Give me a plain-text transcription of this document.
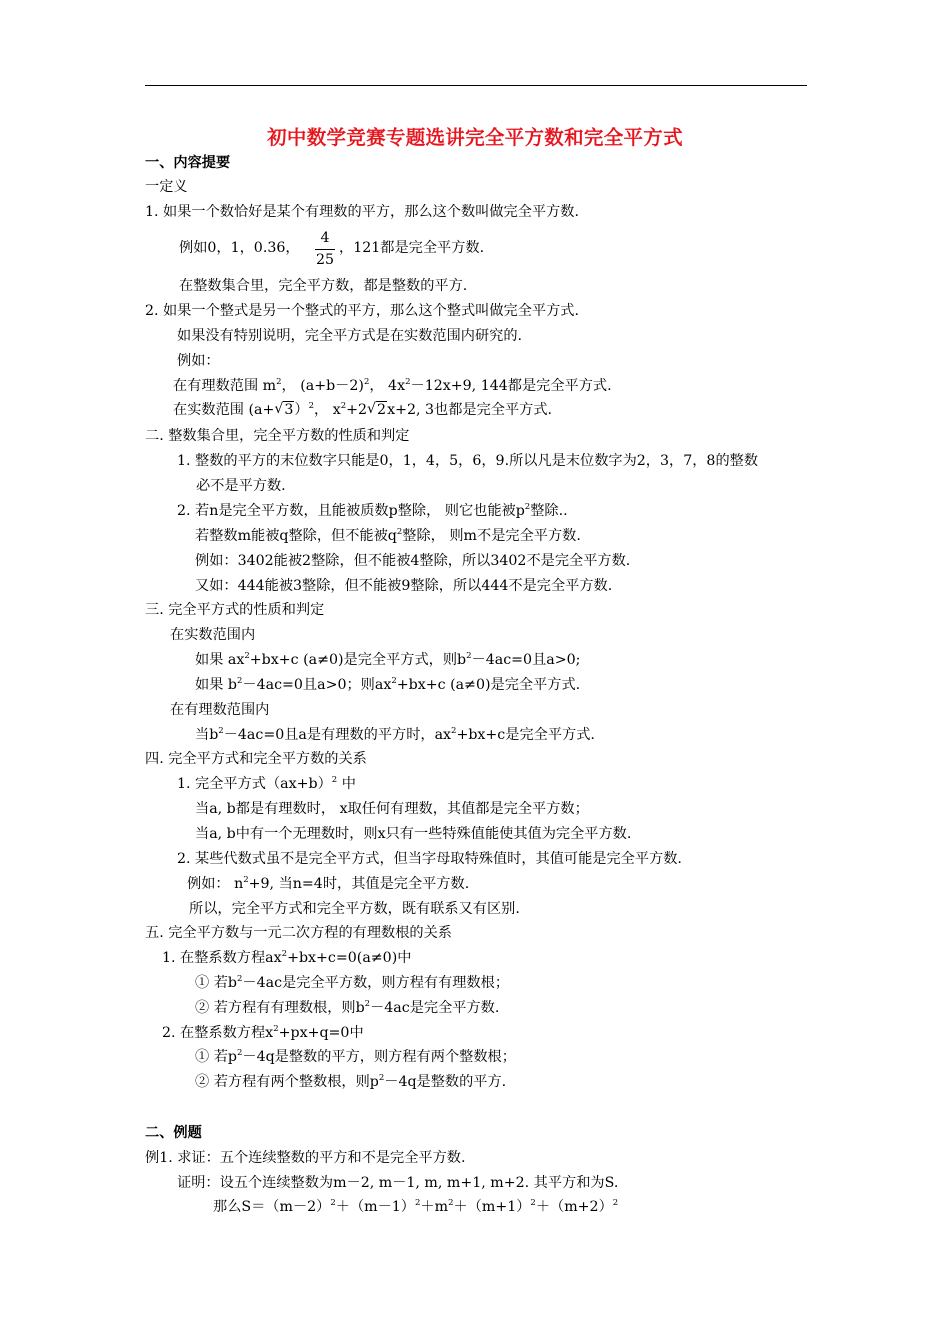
初中数学竞赛专题选讲完全平方数和完全平方式
一、内容提要
一定义
1. 如果一个数恰好是某个有理数的平方，那么这个数叫做完全平方数.
例如0，1，0.36，
4
25
，121都是完全平方数.
在整数集合里，完全平方数，都是整数的平方.
2. 如果一个整式是另一个整式的平方，那么这个整式叫做完全平方式.
如果没有特别说明，完全平方式是在实数范围内研究的.
例如：
在有理数范围 $m^2$， $(a+b-2)^2$， $4x^2-12x+9$, 144都是完全平方式.
在实数范围 (a+ √ 3）$^2$， $x^2+2$ √ 2x+2, 3也都是完全平方式.
二. 整数集合里，完全平方数的性质和判定
1. 整数的平方的末位数字只能是0，1，4，5，6，9.所以凡是末位数字为2，3，7，8的整数
必不是平方数.
2. 若n是完全平方数，且能被质数p整除， 则它也能被$p^2$整除..
若整数m能被q整除，但不能被$q^2$整除， 则m不是完全平方数.
例如：3402能被2整除，但不能被4整除，所以3402不是完全平方数.
又如：444能被3整除，但不能被9整除，所以444不是完全平方数.
三. 完全平方式的性质和判定
在实数范围内
如果 $ax^2+bx+c$ (a≠0)是完全平方式，则$b^2-4ac=0$且a>0;
如果 $b^2-4ac=0$且a>0；则$ax^2+bx+c$ (a≠0)是完全平方式.
在有理数范围内
当$b^2-4ac=0$且a是有理数的平方时，$ax^2+bx+c$是完全平方式.
四. 完全平方式和完全平方数的关系
1. 完全平方式$(ax+b)^2$ 中
当a, b都是有理数时， x取任何有理数，其值都是完全平方数；
当a, b中有一个无理数时，则x只有一些特殊值能使其值为完全平方数.
2. 某些代数式虽不是完全平方式，但当字母取特殊值时，其值可能是完全平方数.
例如： $n^2+9$, 当n=4时，其值是完全平方数.
所以，完全平方式和完全平方数，既有联系又有区别.
五. 完全平方数与一元二次方程的有理数根的关系
1. 在整系数方程$ax^2+bx+c=0(a\ne 0)$中
① 若$b^2-4ac$是完全平方数，则方程有有理数根；
② 若方程有有理数根，则$b^2-4ac$是完全平方数.
2. 在整系数方程$x^2+px+q=0$中
① 若$p^2-4q$是整数的平方，则方程有两个整数根；
② 若方程有两个整数根，则$p^2-4q$是整数的平方.
二、例题
例1. 求证：五个连续整数的平方和不是完全平方数.
证明：设五个连续整数为m－2, m－1, m, m+1, m+2. 其平方和为S.
那么$S=(m-2)^2+(m-1)^2+m^2+(m+1)^2+(m+2)^2$
